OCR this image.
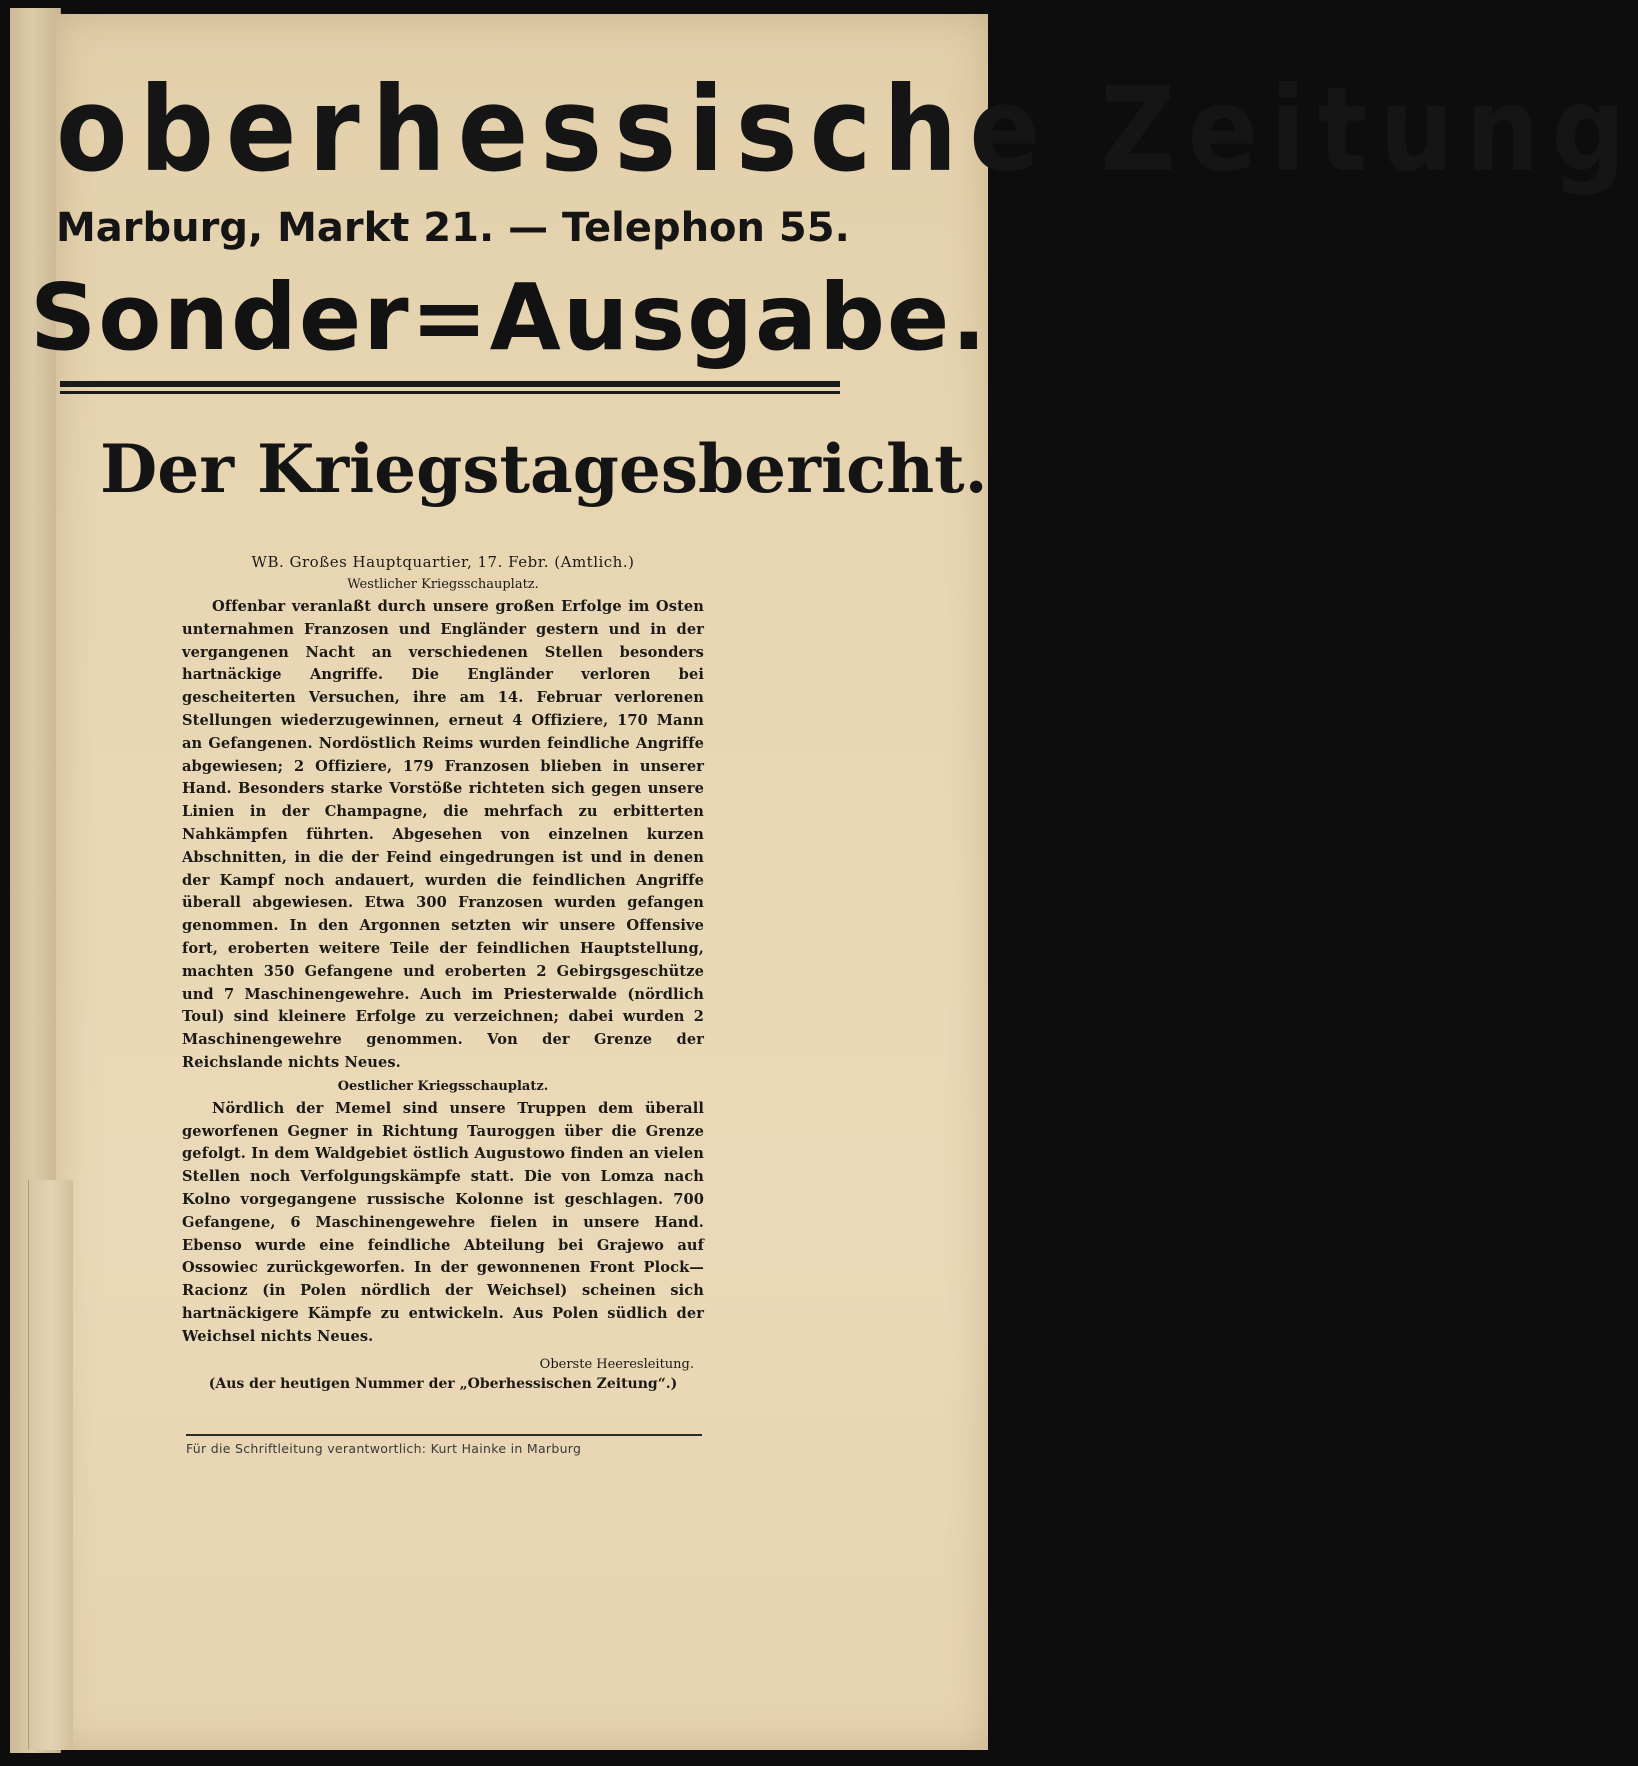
oberhessische Zeitung
Marburg, Markt 21. — Telephon 55.
Sonder=Ausgabe.
Der Kriegstagesbericht.

WB. Großes Hauptquartier, 17. Febr. (Amtlich.)

Westlicher Kriegsschauplatz.

Offenbar veranlaßt durch unsere großen Erfolge im Osten unternahmen Franzosen und Engländer gestern und in der vergangenen Nacht an verschiedenen Stellen besonders hartnäckige Angriffe. Die Engländer verloren bei gescheiterten Versuchen, ihre am 14. Februar verlorenen Stellungen wiederzugewinnen, erneut 4 Offiziere, 170 Mann an Gefangenen. Nordöstlich Reims wurden feindliche Angriffe abgewiesen; 2 Offiziere, 179 Franzosen blieben in unserer Hand. Besonders starke Vorstöße richteten sich gegen unsere Linien in der Champagne, die mehrfach zu erbitterten Nahkämpfen führten. Abgesehen von einzelnen kurzen Abschnitten, in die der Feind eingedrungen ist und in denen der Kampf noch andauert, wurden die feindlichen Angriffe überall abgewiesen. Etwa 300 Franzosen wurden gefangen genommen. In den Argonnen setzten wir unsere Offensive fort, eroberten weitere Teile der feindlichen Hauptstellung, machten 350 Gefangene und eroberten 2 Gebirgsgeschütze und 7 Maschinengewehre. Auch im Priesterwalde (nördlich Toul) sind kleinere Erfolge zu verzeichnen; dabei wurden 2 Maschinengewehre genommen. Von der Grenze der Reichslande nichts Neues.

Oestlicher Kriegsschauplatz.

Nördlich der Memel sind unsere Truppen dem überall geworfenen Gegner in Richtung Tauroggen über die Grenze gefolgt. In dem Waldgebiet östlich Augustowo finden an vielen Stellen noch Verfolgungskämpfe statt. Die von Lomza nach Kolno vorgegangene russische Kolonne ist geschlagen. 700 Gefangene, 6 Maschinengewehre fielen in unsere Hand. Ebenso wurde eine feindliche Abteilung bei Grajewo auf Ossowiec zurückgeworfen. In der gewonnenen Front Plock—Racionz (in Polen nördlich der Weichsel) scheinen sich hartnäckigere Kämpfe zu entwickeln. Aus Polen südlich der Weichsel nichts Neues.

Oberste Heeresleitung.

(Aus der heutigen Nummer der „Oberhessischen Zeitung“.)

Für die Schriftleitung verantwortlich: Kurt Hainke in Marburg
